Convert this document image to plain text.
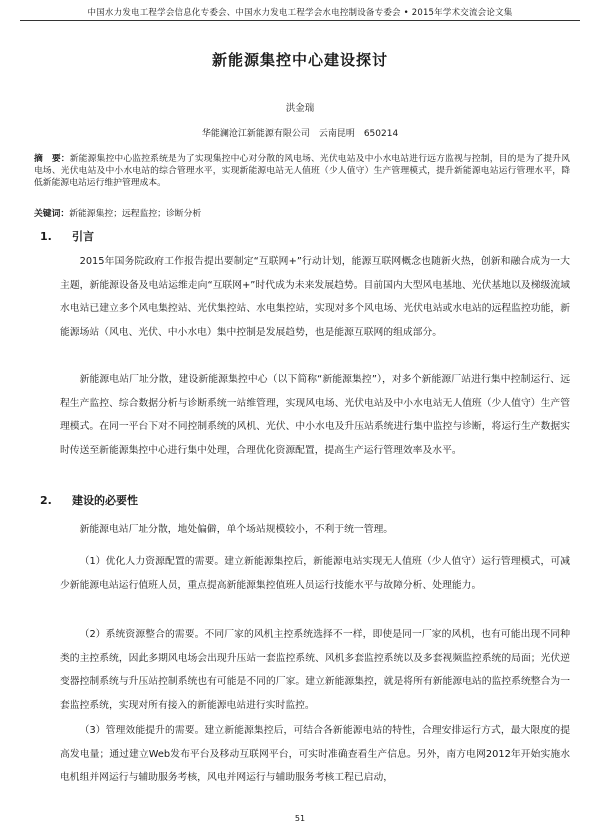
中国水力发电工程学会信息化专委会、中国水力发电工程学会水电控制设备专委会 • 2015年学术交流会论文集
新能源集控中心建设探讨
洪金瑞
华能澜沧江新能源有限公司　云南昆明　650214
摘　要：新能源集控中心监控系统是为了实现集控中心对分散的风电场、光伏电站及中小水电站进行远方监视与控制，目的是为了提升风电场、光伏电站及中小水电站的综合管理水平，实现新能源电站无人值班（少人值守）生产管理模式，提升新能源电站运行管理水平，降低新能源电站运行维护管理成本。
关键词：新能源集控；远程监控；诊断分析
1. 引言
2015年国务院政府工作报告提出要制定“互联网+”行动计划，能源互联网概念也随新火热，创新和融合成为一大主题，新能源设备及电站运维走向“互联网+”时代成为未来发展趋势。目前国内大型风电基地、光伏基地以及梯级流域水电站已建立多个风电集控站、光伏集控站、水电集控站，实现对多个风电场、光伏电站或水电站的远程监控功能，新能源场站（风电、光伏、中小水电）集中控制是发展趋势，也是能源互联网的组成部分。
新能源电站厂址分散，建设新能源集控中心（以下简称“新能源集控”），对多个新能源厂站进行集中控制运行、远程生产监控、综合数据分析与诊断系统一站维管理，实现风电场、光伏电站及中小水电站无人值班（少人值守）生产管理模式。在同一平台下对不同控制系统的风机、光伏、中小水电及升压站系统进行集中监控与诊断，将运行生产数据实时传送至新能源集控中心进行集中处理，合理优化资源配置，提高生产运行管理效率及水平。
2. 建设的必要性
新能源电站厂址分散，地处偏僻，单个场站规模较小，不利于统一管理。
（1）优化人力资源配置的需要。建立新能源集控后，新能源电站实现无人值班（少人值守）运行管理模式，可减少新能源电站运行值班人员，重点提高新能源集控值班人员运行技能水平与故障分析、处理能力。
（2）系统资源整合的需要。不同厂家的风机主控系统选择不一样，即使是同一厂家的风机，也有可能出现不同种类的主控系统，因此多期风电场会出现升压站一套监控系统、风机多套监控系统以及多套视频监控系统的局面；光伏逆变器控制系统与升压站控制系统也有可能是不同的厂家。建立新能源集控，就是将所有新能源电站的监控系统整合为一套监控系统，实现对所有接入的新能源电站进行实时监控。
（3）管理效能提升的需要。建立新能源集控后，可结合各新能源电站的特性，合理安排运行方式，最大限度的提高发电量；通过建立Web发布平台及移动互联网平台，可实时准确查看生产信息。另外，南方电网2012年开始实施水电机组并网运行与辅助服务考核，风电并网运行与辅助服务考核工程已启动，
51
